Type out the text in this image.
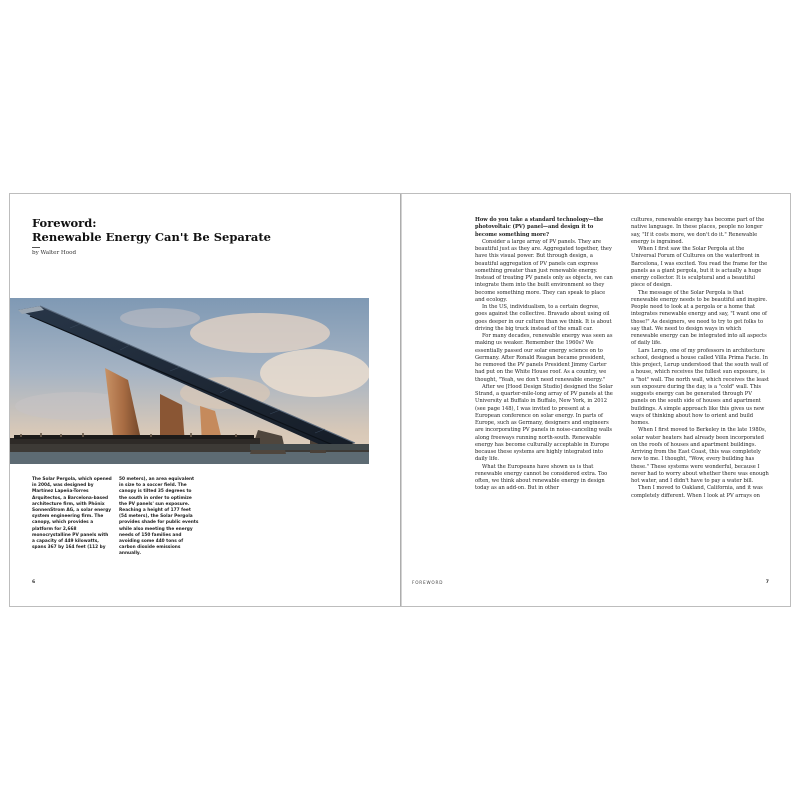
Foreword:
Renewable Energy Can't Be Separate
by Walter Hood
The Solar Pergola, which opened in 2004, was designed by Martínez Lapeña-Torres Arquitectos, a Barcelona-based architecture firm, with Phönix SonnenStrom AG, a solar energy system engineering firm. The canopy, which provides a platform for 2,668 monocrystalline PV panels with a capacity of 449 kilowatts, spans 367 by 164 feet (112 by
50 meters), an area equivalent in size to a soccer field. The canopy is tilted 35 degrees to the south in order to optimize the PV panels' sun exposure. Reaching a height of 177 feet (54 meters), the Solar Pergola provides shade for public events while also meeting the energy needs of 150 families and avoiding some 440 tons of carbon dioxide emissions annually.
6

How do you take a standard technology—the photovoltaic (PV) panel—and design it to become something more?

Consider a large array of PV panels. They are beautiful just as they are. Aggregated together, they have this visual power. But through design, a beautiful aggregation of PV panels can express something greater than just renewable energy. Instead of treating PV panels only as objects, we can integrate them into the built environment so they become something more. They can speak to place and ecology.

In the US, individualism, to a certain degree, goes against the collective. Bravado about using oil goes deeper in our culture than we think. It is about driving the big truck instead of the small car.

For many decades, renewable energy was seen as making us weaker. Remember the 1960s? We essentially passed our solar energy science on to Germany. After Ronald Reagan became president, he removed the PV panels President Jimmy Carter had put on the White House roof. As a country, we thought, "Yeah, we don't need renewable energy."

After we [Hood Design Studio] designed the Solar Strand, a quarter-mile-long array of PV panels at the University at Buffalo in Buffalo, New York, in 2012 (see page 148), I was invited to present at a European conference on solar energy. In parts of Europe, such as Germany, designers and engineers are incorporating PV panels in noise-canceling walls along freeways running north-south. Renewable energy has become culturally acceptable in Europe because these systems are highly integrated into daily life.

What the Europeans have shown us is that renewable energy cannot be considered extra. Too often, we think about renewable energy in design today as an add-on. But in other

cultures, renewable energy has become part of the native language. In these places, people no longer say, "If it costs more, we don't do it." Renewable energy is ingrained.

When I first saw the Solar Pergola at the Universal Forum of Cultures on the waterfront in Barcelona, I was excited. You read the frame for the panels as a giant pergola, but it is actually a huge energy collector. It is sculptural and a beautiful piece of design.

The message of the Solar Pergola is that renewable energy needs to be beautiful and inspire. People need to look at a pergola or a home that integrates renewable energy and say, "I want one of those!" As designers, we need to try to get folks to say that. We need to design ways in which renewable energy can be integrated into all aspects of daily life.

Lars Lerup, one of my professors in architecture school, designed a house called Villa Prima Facie. In this project, Lerup understood that the south wall of a house, which receives the fullest sun exposure, is a "hot" wall. The north wall, which receives the least sun exposure during the day, is a "cold" wall. This suggests energy can be generated through PV panels on the south side of houses and apartment buildings. A simple approach like this gives us new ways of thinking about how to orient and build homes.

When I first moved to Berkeley in the late 1980s, solar water heaters had already been incorporated on the roofs of houses and apartment buildings. Arriving from the East Coast, this was completely new to me. I thought, "Wow, every building has these." These systems were wonderful, because I never had to worry about whether there was enough hot water, and I didn't have to pay a water bill.

Then I moved to Oakland, California, and it was completely different. When I look at PV arrays on

FOREWORD	7
